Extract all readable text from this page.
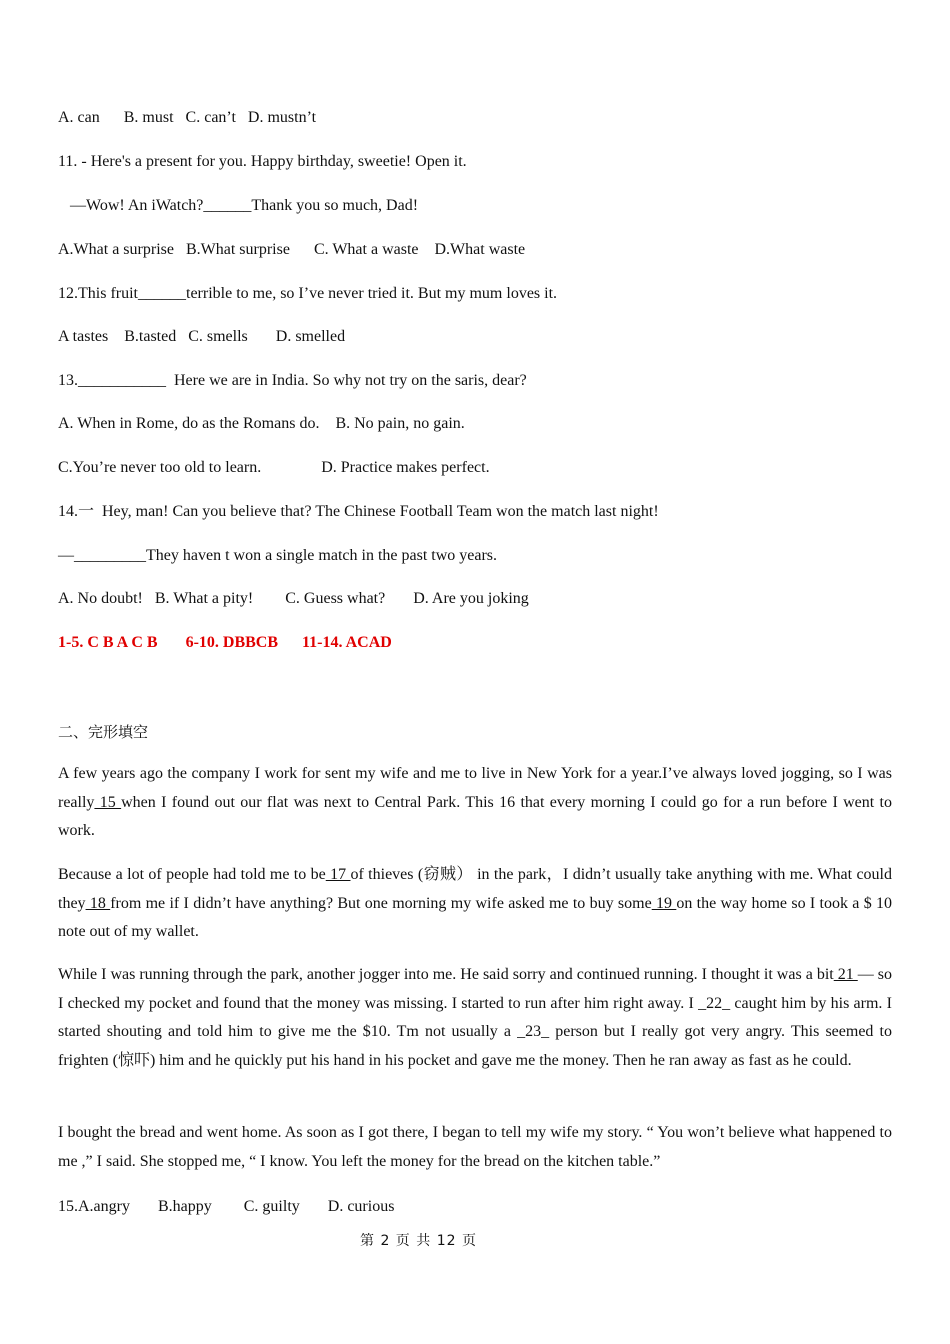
A. can      B. must   C. can’t   D. mustn’t
11. - Here's a present for you. Happy birthday, sweetie! Open it.
—Wow! An iWatch?______Thank you so much, Dad!
A.What a surprise   B.What surprise      C. What a waste    D.What waste
12.This fruit______terrible to me, so I’ve never tried it. But my mum loves it.
A tastes    B.tasted   C. smells       D. smelled
13.___________  Here we are in India. So why not try on the saris, dear?
A. When in Rome, do as the Romans do.    B. No pain, no gain.
C.You’re never too old to learn.               D. Practice makes perfect.
14.一  Hey, man! Can you believe that? The Chinese Football Team won the match last night!
—_________They haven t won a single match in the past two years.
A. No doubt!   B. What a pity!        C. Guess what?       D. Are you joking
1-5. C B A C B       6-10. DBBCB      11-14. ACAD
二、完形填空

A few years ago the company I work for sent my wife and me to live in New York for a year.I’ve always loved jogging, so I was really 15 when I found out our flat was next to Central Park. This 16 that every morning I could go for a run before I went to work.

Because a lot of people had told me to be 17 of thieves (窃贼） in the park，I didn’t usually take anything with me. What could they 18 from me if I didn’t have anything? But one morning my wife asked me to buy some 19 on the way home so I took a $ 10 note out of my wallet.

While I was running through the park, another jogger into me. He said sorry and continued running. I thought it was a bit 21 — so I checked my pocket and found that the money was missing. I started to run after him right away. I _22_ caught him by his arm. I started shouting and told him to give me the $10. Tm not usually a _23_ person but I really got very angry. This seemed to frighten (惊吓) him and he quickly put his hand in his pocket and gave me the money. Then he ran away as fast as he could.

I bought the bread and went home. As soon as I got there, I began to tell my wife my story. “ You won’t believe what happened to me ,” I said. She stopped me, “ I know. You left the money for the bread on the kitchen table.”

15.A.angry       B.happy        C. guilty       D. curious
第 2 页 共 12 页
